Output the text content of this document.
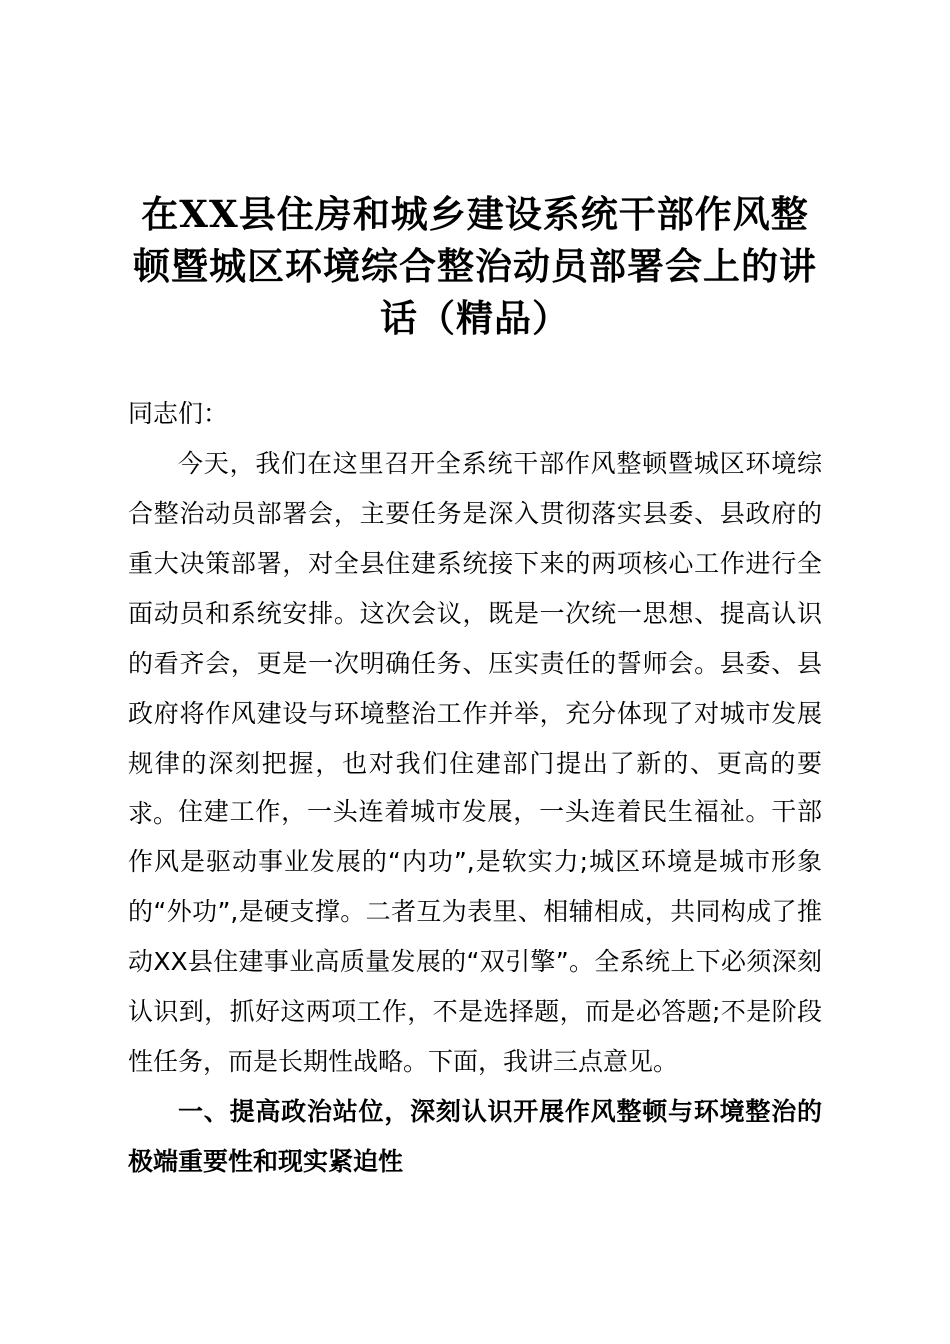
在XX县住房和城乡建设系统干部作风整顿暨城区环境综合整治动员部署会上的讲话（精品）

同志们：

今天，我们在这里召开全系统干部作风整顿暨城区环境综合整治动员部署会，主要任务是深入贯彻落实县委、县政府的重大决策部署，对全县住建系统接下来的两项核心工作进行全面动员和系统安排。这次会议，既是一次统一思想、提高认识的看齐会，更是一次明确任务、压实责任的誓师会。县委、县政府将作风建设与环境整治工作并举，充分体现了对城市发展规律的深刻把握，也对我们住建部门提出了新的、更高的要求。 住建工作，一头连着城市发展，一头连着民生福祉。干部作风是驱动事业发展的“内功”,是软实力;城区环境是城市形象的“外功”,是硬支撑。二者互为表里、相辅相成，共同构成了推动XX县住建事业高质量发展的“双引擎”。全系统上下必须深刻认识到，抓好这两项工作，不是选择题，而是必答题;不是阶段性任务，而是长期性战略。下面，我讲三点意见。

一、提高政治站位，深刻认识开展作风整顿与环境整治的极端重要性和现实紧迫性
